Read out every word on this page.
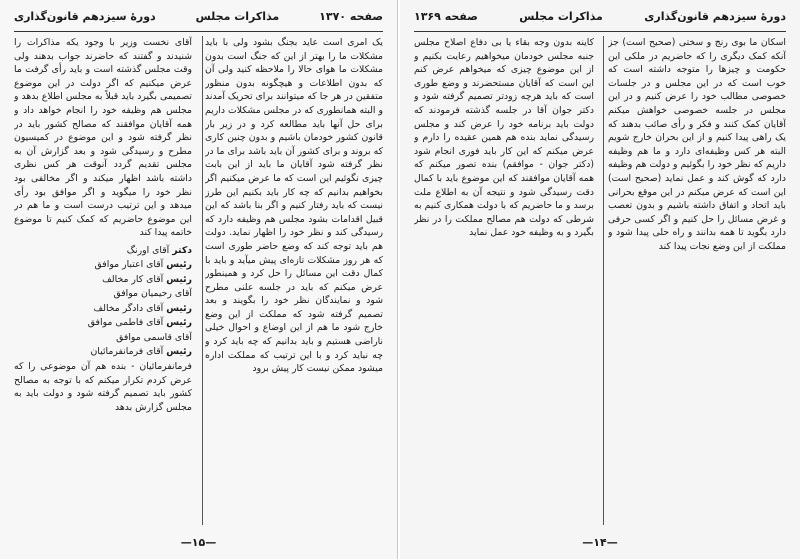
صفحه ۱۳۷۰
مذاکرات مجلس
دورهٔ سیزدهم قانون‌گذاری

یک امری است عاید بجنگ بشود ولی با باید مشکلات ما را بهتر از این که جنگ است بدون مشکلات ما هوای حالا را ملاحظه کنید ولی آن که بدون اطلاعات و هیچگونه بدون منظور متفقین در هر جا که میتوانند برای تحریک آمدند و البته همانطوری که در مجلس مشکلات داریم برای حل آنها باید مطالعه کرد و در زیر بار قانون کشور خودمان باشیم و بدون چنین کاری که بروند و برای کشور آن باید باشد برای ما در نظر گرفته شود آقایان ما باید از این بابت چیزی نگوئیم این است که ما عرض میکنیم اگر بخواهیم بدانیم که چه کار باید بکنیم این طرز نیست که باید رفتار کنیم و اگر بنا باشد که این قبیل اقدامات بشود مجلس هم وظیفه دارد که رسیدگی کند و نظر خود را اظهار نماید. دولت هم باید توجه کند که وضع حاضر طوری است که هر روز مشکلات تازه‌ای پیش میآید و باید با کمال دقت این مسائل را حل کرد و همینطور عرض میکنم که باید در جلسه علنی مطرح شود و نمایندگان نظر خود را بگویند و بعد تصمیم گرفته شود که مملکت از این وضع خارج شود ما هم از این اوضاع و احوال خیلی ناراضی هستیم و باید بدانیم که چه باید کرد و چه نباید کرد و با این ترتیب که مملکت اداره میشود ممکن نیست کار پیش برود

آقای نخست وزیر با وجود یکه مذاکرات را شنیدند و گفتند که حاضرند جواب بدهند ولی وقت مجلس گذشته است و باید رأی گرفت ما عرض میکنیم که اگر دولت در این موضوع تصمیمی بگیرد باید قبلاً به مجلس اطلاع بدهد و مجلس هم وظیفه خود را انجام خواهد داد و همه آقایان موافقند که مصالح کشور باید در نظر گرفته شود و این موضوع در کمیسیون مطرح و رسیدگی شود و بعد گزارش آن به مجلس تقدیم گردد آنوقت هر کس نظری داشته باشد اظهار میکند و اگر مخالفی بود نظر خود را میگوید و اگر موافق بود رأی میدهد و این ترتیب درست است و ما هم در این موضوع حاضریم که کمک کنیم تا موضوع خاتمه پیدا کند

دکتر آقای اورنگ
رئیس آقای اعتبار موافق
رئیس آقای کار مخالف
آقای رحیمیان موافق
رئیس آقای دادگر مخالف
رئیس آقای فاطمی موافق
آقای قاسمی موافق
رئیس آقای فرمانفرمائیان

فرمانفرمائیان - بنده هم آن موضوعی را که عرض کردم تکرار میکنم که با توجه به مصالح کشور باید تصمیم گرفته شود و دولت باید به مجلس گزارش بدهد

—۱۵—
دورهٔ سیزدهم قانون‌گذاری
مذاکرات مجلس
صفحه ۱۳۶۹

اسکان ما بوی رنج و سختی (صحیح است) جز آنکه کمک دیگری را که حاضریم در ملکی این حکومت و چیزها را متوجه داشته است که خوب است که در این مجلس و در جلسات خصوصی مطالب خود را عرض کنیم و در این مجلس در جلسه خصوصی خواهش میکنم آقایان کمک کنند و فکر و رأی صائب بدهند که یک راهی پیدا کنیم و از این بحران خارج شویم البته هر کس وظیفه‌ای دارد و ما هم وظیفه داریم که نظر خود را بگوئیم و دولت هم وظیفه دارد که گوش کند و عمل نماید (صحیح است) این است که عرض میکنم در این موقع بحرانی باید اتحاد و اتفاق داشته باشیم و بدون تعصب و غرض مسائل را حل کنیم و اگر کسی حرفی دارد بگوید تا همه بدانند و راه حلی پیدا شود و مملکت از این وضع نجات پیدا کند

کاینه بدون وجه بقاء یا بی دفاع اصلاح مجلس جنبه مجلس خودمان میخواهیم رعایت بکنیم و از این موضوع چیزی که میخواهم عرض کنم این است که آقایان مستحضرند و وضع طوری است که باید هرچه زودتر تصمیم گرفته شود و دکتر جوان آقا در جلسه گذشته فرمودند که دولت باید برنامه خود را عرض کند و مجلس رسیدگی نماید بنده هم همین عقیده را دارم و عرض میکنم که این کار باید فوری انجام شود (دکتر جوان - موافقم) بنده تصور میکنم که همه آقایان موافقند که این موضوع باید با کمال دقت رسیدگی شود و نتیجه آن به اطلاع ملت برسد و ما حاضریم که با دولت همکاری کنیم به شرطی که دولت هم مصالح مملکت را در نظر بگیرد و به وظیفه خود عمل نماید

—۱۴—
